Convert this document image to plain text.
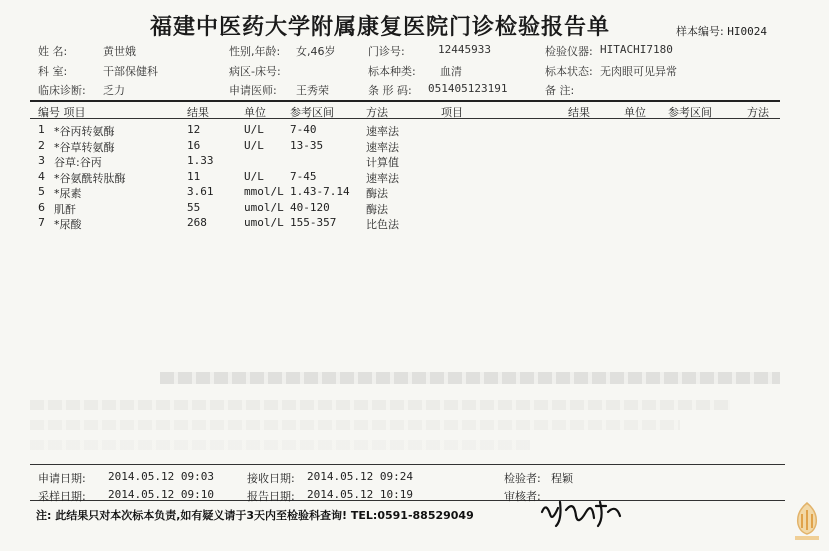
福建中医药大学附属康复医院门诊检验报告单	样本编号: HI0024
姓 名:	黄世娥	性别,年龄: 女,46岁	门诊号:	12445933	检验仪器: HITACHI7180
科 室:	干部保健科	病区-床号:	标本种类: 血清	标本状态: 无肉眼可见异常
临床诊断: 乏力	申请医师: 王秀荣	条 形 码: 051405123191	备 注:
编号 项目	结果	单位 参考区间	方法	项目	结果	单位 参考区间	方法
1 *谷丙转氨酶	12	U/L 7-40	速率法
2 *谷草转氨酶	16	U/L 13-35	速率法
3 谷草:谷丙	1.33	计算值
4 *谷氨酰转肽酶	11	U/L 7-45	速率法
5 *尿素	3.61	mmol/L 1.43-7.14 酶法
6 肌酐	55	umol/L 40-120	酶法
7 *尿酸	268	umol/L 155-357	比色法
申请日期: 2014.05.12 09:03	接收日期: 2014.05.12 09:24	检验者: 程颖
采样日期: 2014.05.12 09:10	报告日期: 2014.05.12 10:19	审核者:
注: 此结果只对本次标本负责,如有疑义请于3天内至检验科查询! TEL:0591-88529049
